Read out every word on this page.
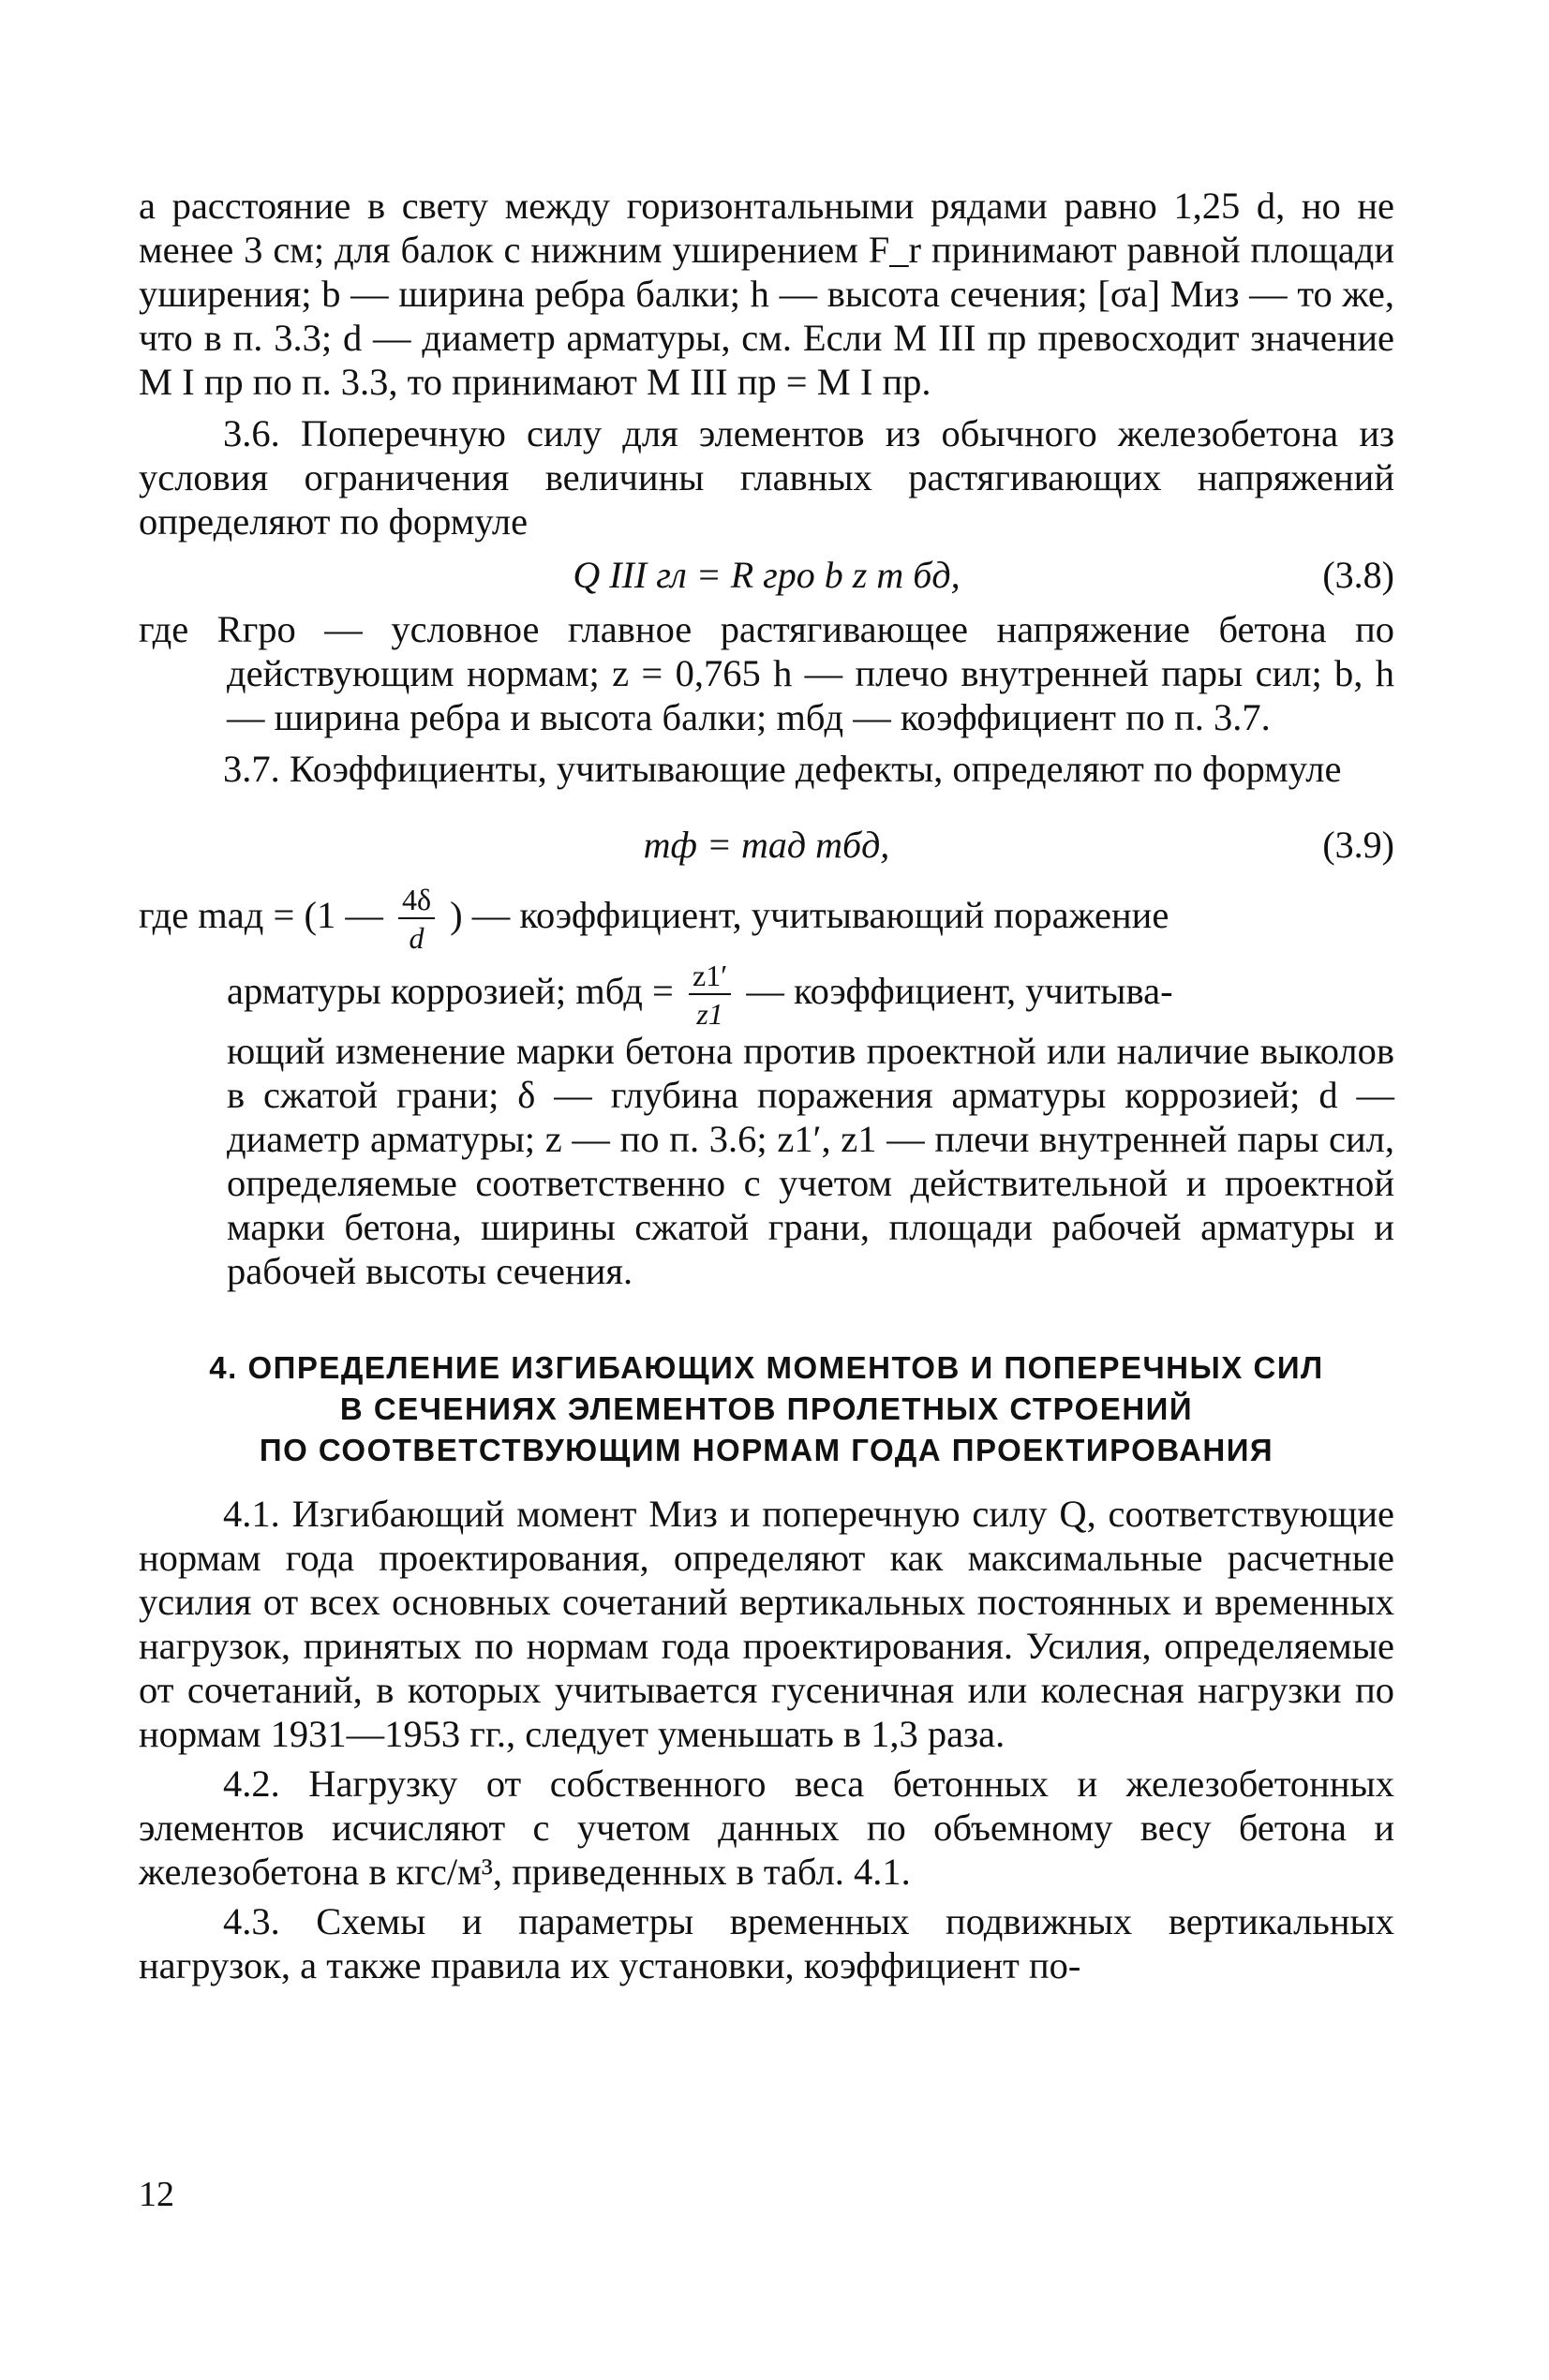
а расстояние в свету между горизонтальными рядами равно 1,25 d, но не менее 3 см; для балок с нижним уширением F_r принимают равной площади уширения; b — ширина ребра балки; h — высота сечения; [σа] Mиз — то же, что в п. 3.3; d — диаметр арматуры, см. Если M III пр превосходит значение M I пр по п. 3.3, то принимают M III пр = M I пр.

3.6. Поперечную силу для элементов из обычного железобетона из условия ограничения величины главных растягивающих напряжений определяют по формуле

Q III гл = R гро b z m бд,	(3.8)

где Rгро — условное главное растягивающее напряжение бетона по действующим нормам; z = 0,765 h — плечо внутренней пары сил; b, h — ширина ребра и высота балки; mбд — коэффициент по п. 3.7.

3.7. Коэффициенты, учитывающие дефекты, определяют по формуле

mф = mад mбд,	(3.9)

где mад = (1 — $\frac{4\delta}{d}$ ) — коэффициент, учитывающий поражение

арматуры коррозией; mбд = $\frac{z1'}{z1}$ — коэффициент, учитыва-

ющий изменение марки бетона против проектной или наличие выколов в сжатой грани; δ — глубина поражения арматуры коррозией; d — диаметр арматуры; z — по п. 3.6; z1′, z1 — плечи внутренней пары сил, определяемые соответственно с учетом действительной и проектной марки бетона, ширины сжатой грани, площади рабочей арматуры и рабочей высоты сечения.

4. ОПРЕДЕЛЕНИЕ ИЗГИБАЮЩИХ МОМЕНТОВ И ПОПЕРЕЧНЫХ СИЛ
В СЕЧЕНИЯХ ЭЛЕМЕНТОВ ПРОЛЕТНЫХ СТРОЕНИЙ
ПО СООТВЕТСТВУЮЩИМ НОРМАМ ГОДА ПРОЕКТИРОВАНИЯ

4.1. Изгибающий момент Mиз и поперечную силу Q, соответствующие нормам года проектирования, определяют как максимальные расчетные усилия от всех основных сочетаний вертикальных постоянных и временных нагрузок, принятых по нормам года проектирования. Усилия, определяемые от сочетаний, в которых учитывается гусеничная или колесная нагрузки по нормам 1931—1953 гг., следует уменьшать в 1,3 раза.

4.2. Нагрузку от собственного веса бетонных и железобетонных элементов исчисляют с учетом данных по объемному весу бетона и железобетона в кгс/м³, приведенных в табл. 4.1.

4.3. Схемы и параметры временных подвижных вертикальных нагрузок, а также правила их установки, коэффициент по-

12
